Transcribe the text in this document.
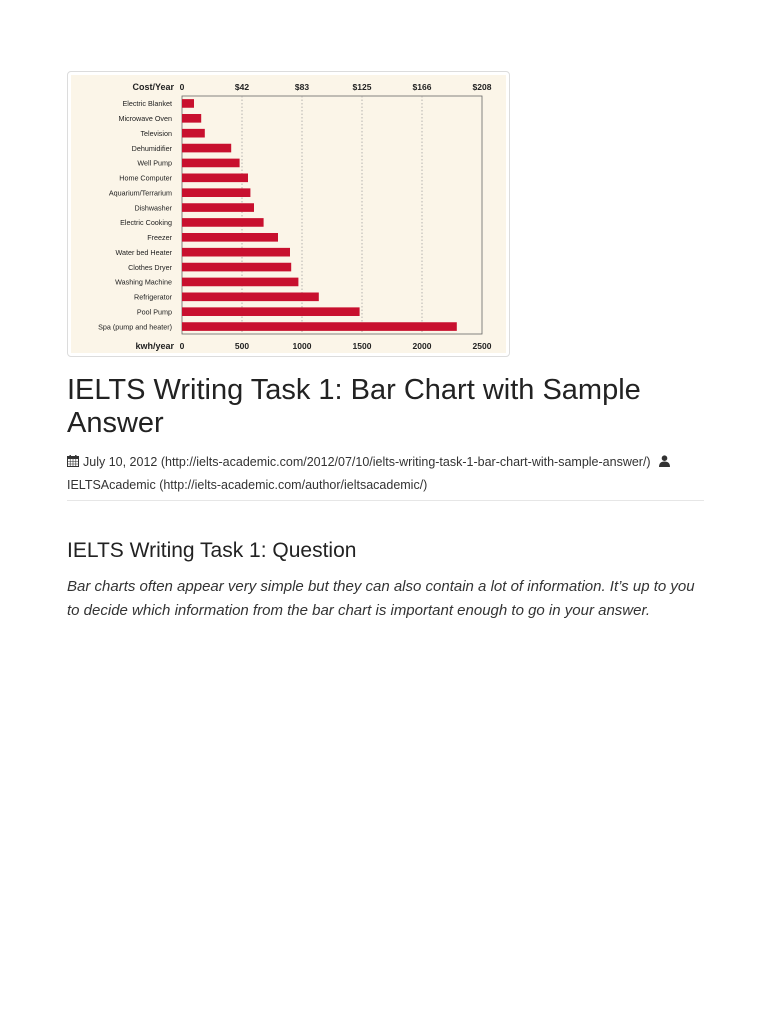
Cost/Year
kwh/year
0
0
$42
500
$83
1000
$125
1500
$166
2000
$208
2500
Electric Blanket
Microwave Oven
Television
Dehumidifier
Well Pump
Home Computer
Aquarium/Terrarium
Dishwasher
Electric Cooking
Freezer
Water bed Heater
Clothes Dryer
Washing Machine
Refrigerator
Pool Pump
Spa (pump and heater)
IELTS Writing Task 1: Bar Chart with Sample Answer
July 10, 2012 (http://ielts-academic.com/2012/07/10/ielts-writing-task-1-bar-chart-with-sample-answer/)
IELTSAcademic (http://ielts-academic.com/author/ieltsacademic/)
IELTS Writing Task 1: Question

Bar charts often appear very simple but they can also contain a lot of information. It’s up to you to decide which information from the bar chart is important enough to go in your answer.
